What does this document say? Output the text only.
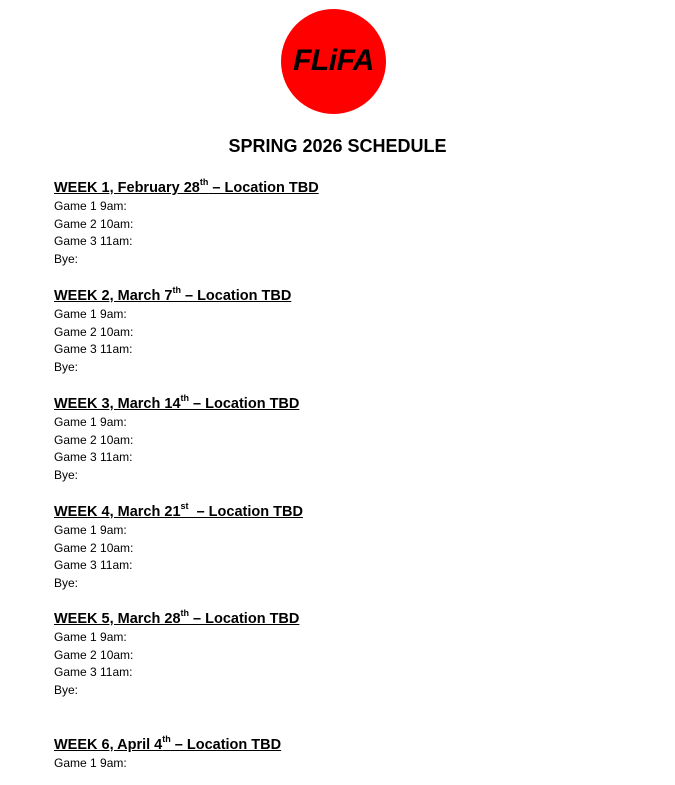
FLiFA
SPRING 2026 SCHEDULE

WEEK 1, February 28th – Location TBD

Game 1 9am:
Game 2 10am:
Game 3 11am:
Bye:

WEEK 2, March 7th – Location TBD

Game 1 9am:
Game 2 10am:
Game 3 11am:
Bye:

WEEK 3, March 14th – Location TBD

Game 1 9am:
Game 2 10am:
Game 3 11am:
Bye:

WEEK 4, March 21st  – Location TBD

Game 1 9am:
Game 2 10am:
Game 3 11am:
Bye:

WEEK 5, March 28th – Location TBD

Game 1 9am:
Game 2 10am:
Game 3 11am:
Bye:

WEEK 6, April 4th – Location TBD

Game 1 9am:
